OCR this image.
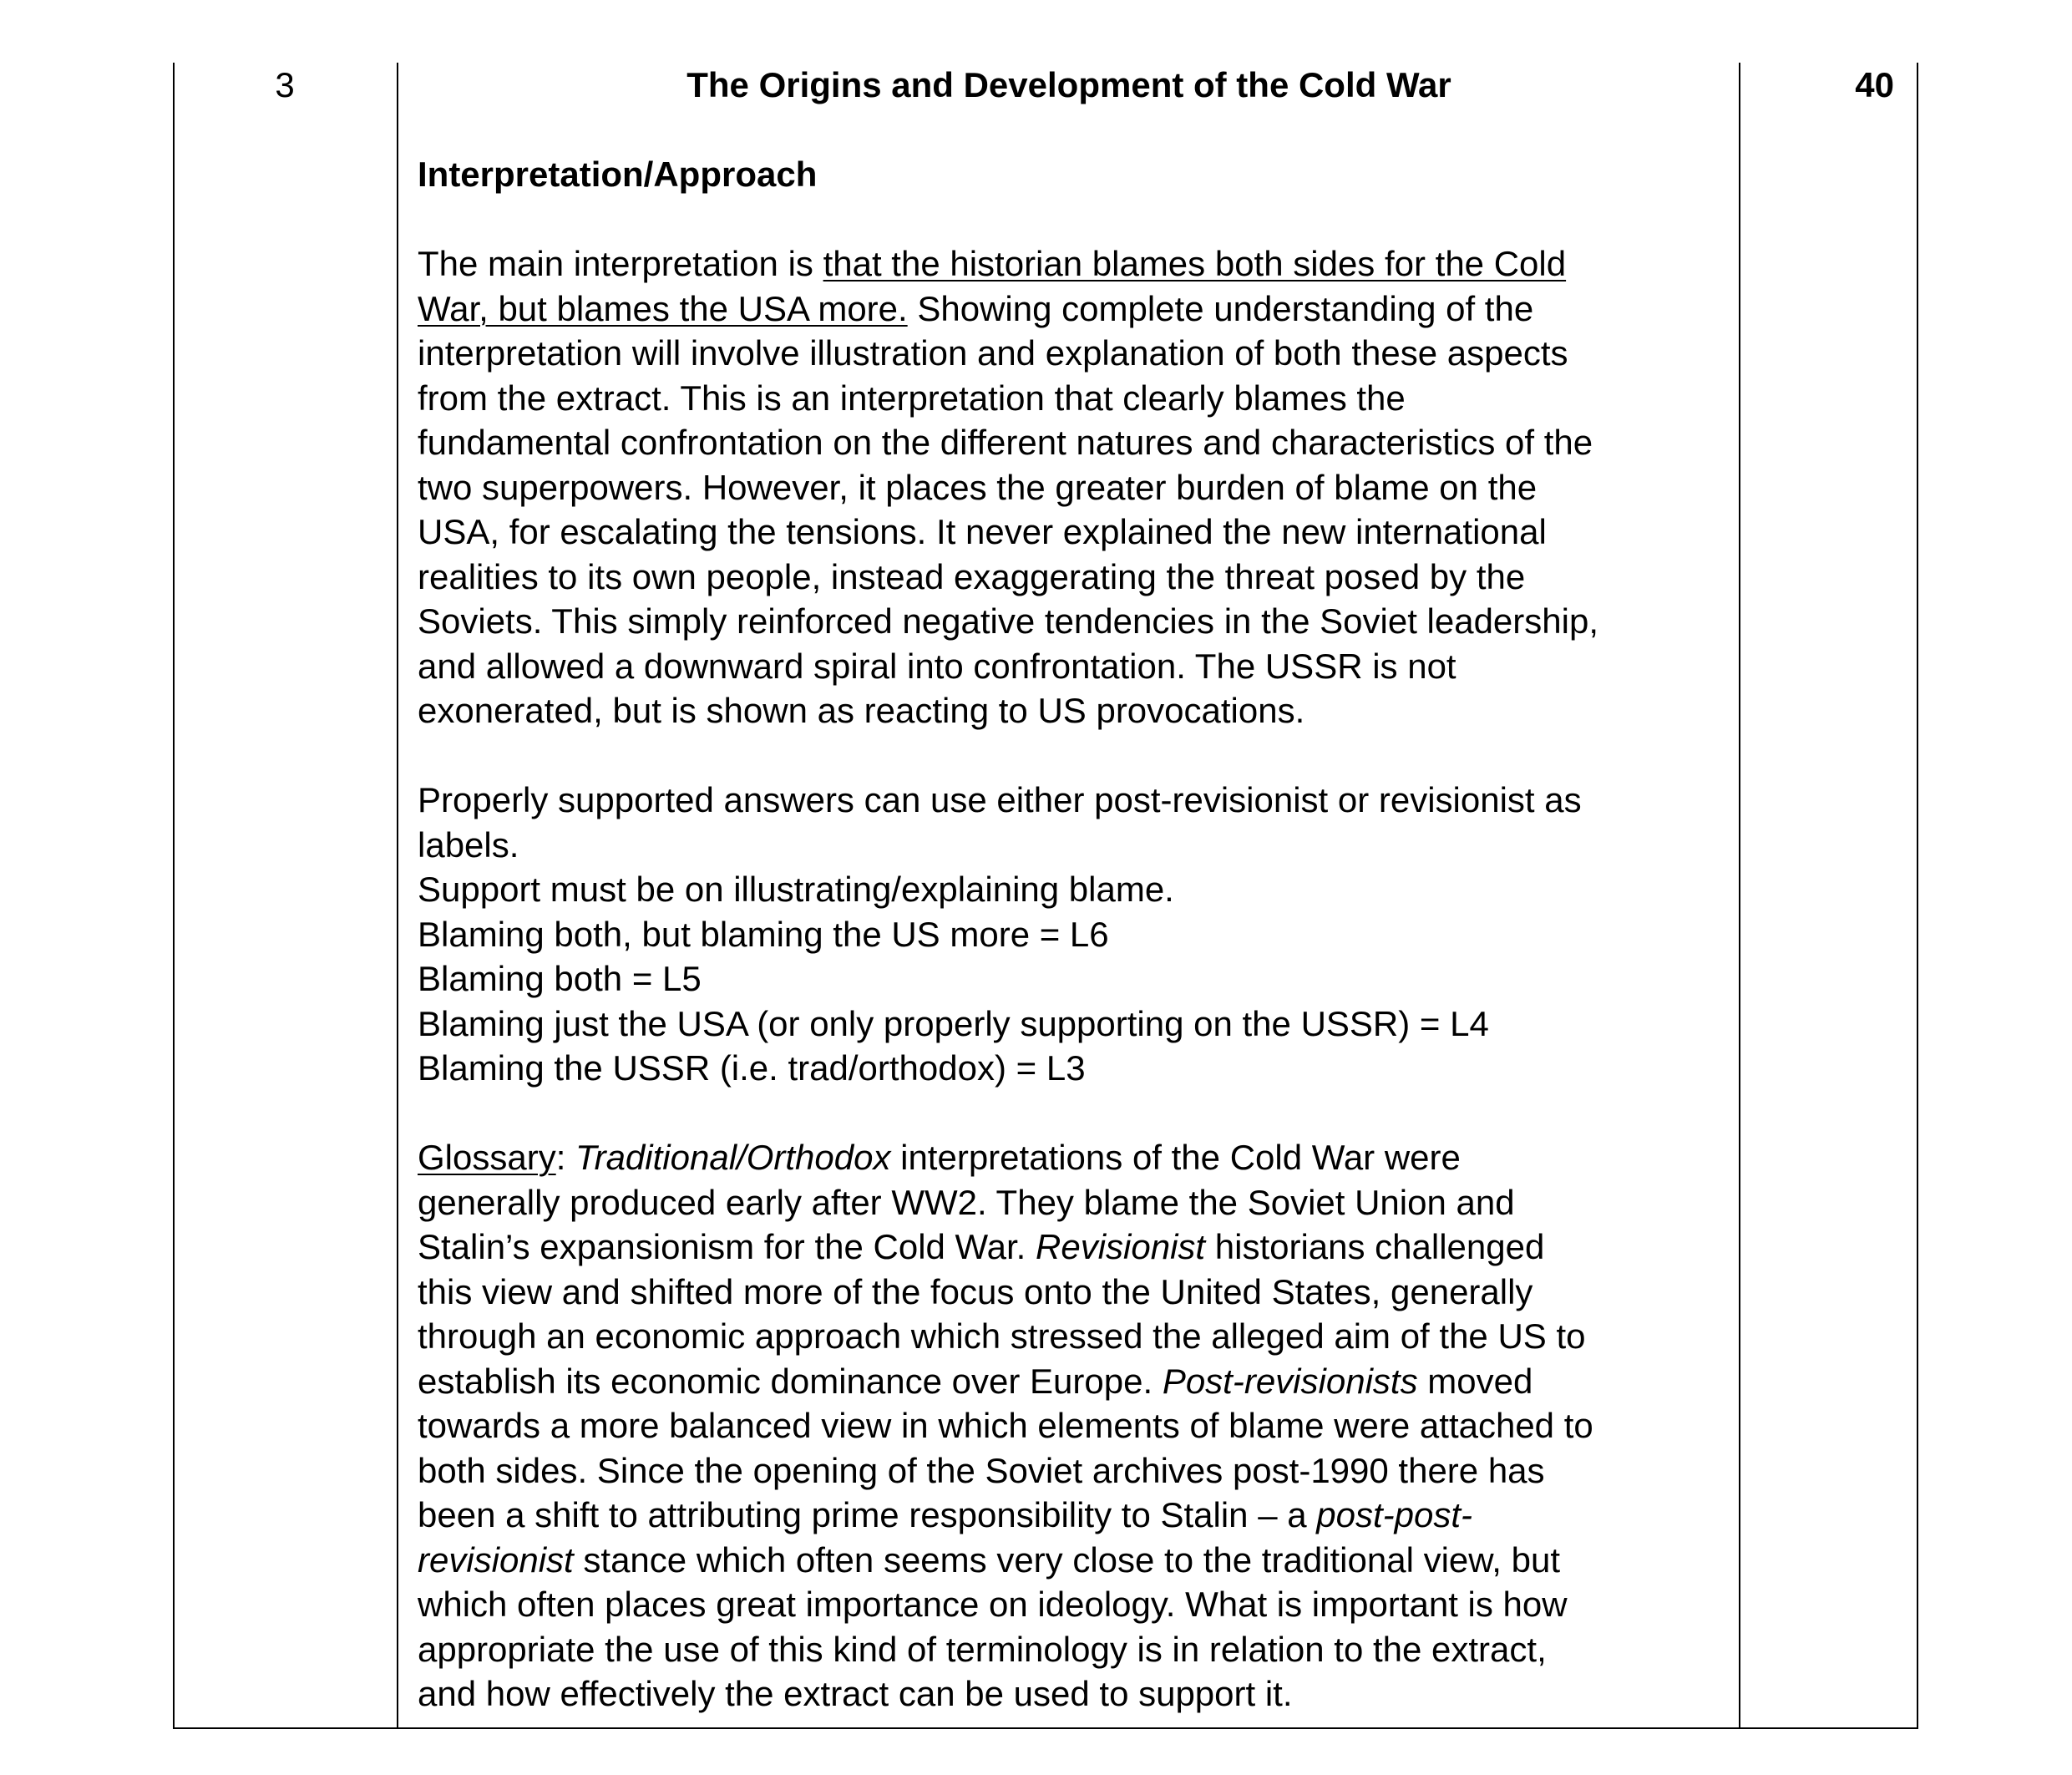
3	40
The Origins and Development of the Cold War
Interpretation/Approach
The main interpretation is that the historian blames both sides for the Cold
War, but blames the USA more. Showing complete understanding of the
interpretation will involve illustration and explanation of both these aspects
from the extract. This is an interpretation that clearly blames the
fundamental confrontation on the different natures and characteristics of the
two superpowers. However, it places the greater burden of blame on the
USA, for escalating the tensions. It never explained the new international
realities to its own people, instead exaggerating the threat posed by the
Soviets. This simply reinforced negative tendencies in the Soviet leadership,
and allowed a downward spiral into confrontation. The USSR is not
exonerated, but is shown as reacting to US provocations.
Properly supported answers can use either post-revisionist or revisionist as
labels.
Support must be on illustrating/explaining blame.
Blaming both, but blaming the US more = L6
Blaming both = L5
Blaming just the USA (or only properly supporting on the USSR) = L4
Blaming the USSR (i.e. trad/orthodox) = L3
Glossary: Traditional/Orthodox interpretations of the Cold War were
generally produced early after WW2. They blame the Soviet Union and
Stalin’s expansionism for the Cold War. Revisionist historians challenged
this view and shifted more of the focus onto the United States, generally
through an economic approach which stressed the alleged aim of the US to
establish its economic dominance over Europe. Post-revisionists moved
towards a more balanced view in which elements of blame were attached to
both sides. Since the opening of the Soviet archives post-1990 there has
been a shift to attributing prime responsibility to Stalin – a post-post-
revisionist stance which often seems very close to the traditional view, but
which often places great importance on ideology. What is important is how
appropriate the use of this kind of terminology is in relation to the extract,
and how effectively the extract can be used to support it.
